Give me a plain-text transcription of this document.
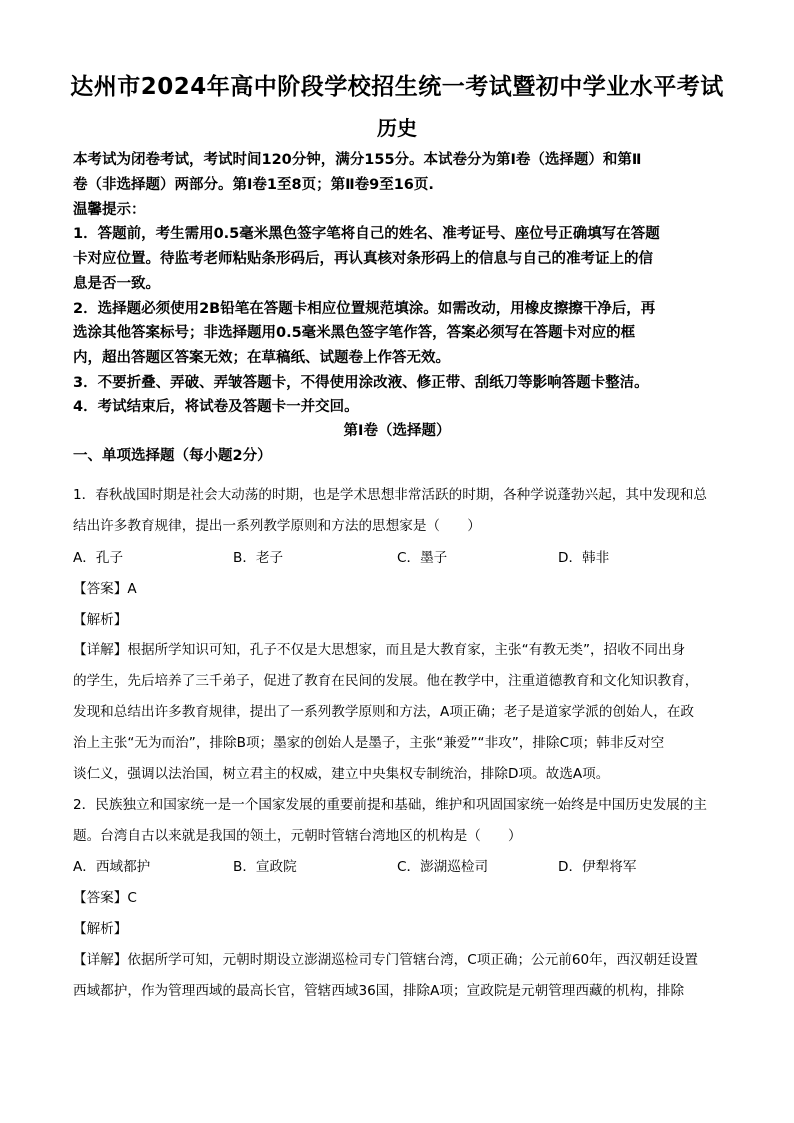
达州市2024年高中阶段学校招生统一考试暨初中学业水平考试
历史
本考试为闭卷考试，考试时间120分钟，满分155分。本试卷分为第Ⅰ卷（选择题）和第Ⅱ
卷（非选择题）两部分。第Ⅰ卷1至8页；第Ⅱ卷9至16页.
温馨提示：
1．答题前，考生需用0.5毫米黑色签字笔将自己的姓名、准考证号、座位号正确填写在答题
卡对应位置。待监考老师粘贴条形码后，再认真核对条形码上的信息与自己的准考证上的信
息是否一致。
2．选择题必须使用2B铅笔在答题卡相应位置规范填涂。如需改动，用橡皮擦擦干净后，再
选涂其他答案标号；非选择题用0.5毫米黑色签字笔作答，答案必须写在答题卡对应的框
内，超出答题区答案无效；在草稿纸、试题卷上作答无效。
3．不要折叠、弄破、弄皱答题卡，不得使用涂改液、修正带、刮纸刀等影响答题卡整洁。
4．考试结束后，将试卷及答题卡一并交回。
第Ⅰ卷（选择题）
一、单项选择题（每小题2分）
1．春秋战国时期是社会大动荡的时期，也是学术思想非常活跃的时期，各种学说蓬勃兴起，其中发现和总
结出许多教育规律，提出一系列教学原则和方法的思想家是（　　）
A．孔子	B．老子	C．墨子	D．韩非
【答案】A
【解析】
【详解】根据所学知识可知，孔子不仅是大思想家，而且是大教育家，主张“有教无类”，招收不同出身
的学生，先后培养了三千弟子，促进了教育在民间的发展。他在教学中，注重道德教育和文化知识教育，
发现和总结出许多教育规律，提出了一系列教学原则和方法，A项正确；老子是道家学派的创始人，在政
治上主张“无为而治”，排除B项；墨家的创始人是墨子，主张“兼爱”“非攻”，排除C项；韩非反对空
谈仁义，强调以法治国，树立君主的权威，建立中央集权专制统治，排除D项。故选A项。
2．民族独立和国家统一是一个国家发展的重要前提和基础，维护和巩固国家统一始终是中国历史发展的主
题。台湾自古以来就是我国的领土，元朝时管辖台湾地区的机构是（　　）
A．西域都护	B．宣政院	C．澎湖巡检司	D．伊犁将军
【答案】C
【解析】
【详解】依据所学可知，元朝时期设立澎湖巡检司专门管辖台湾，C项正确；公元前60年，西汉朝廷设置
西域都护，作为管理西域的最高长官，管辖西域36国，排除A项；宣政院是元朝管理西藏的机构，排除
